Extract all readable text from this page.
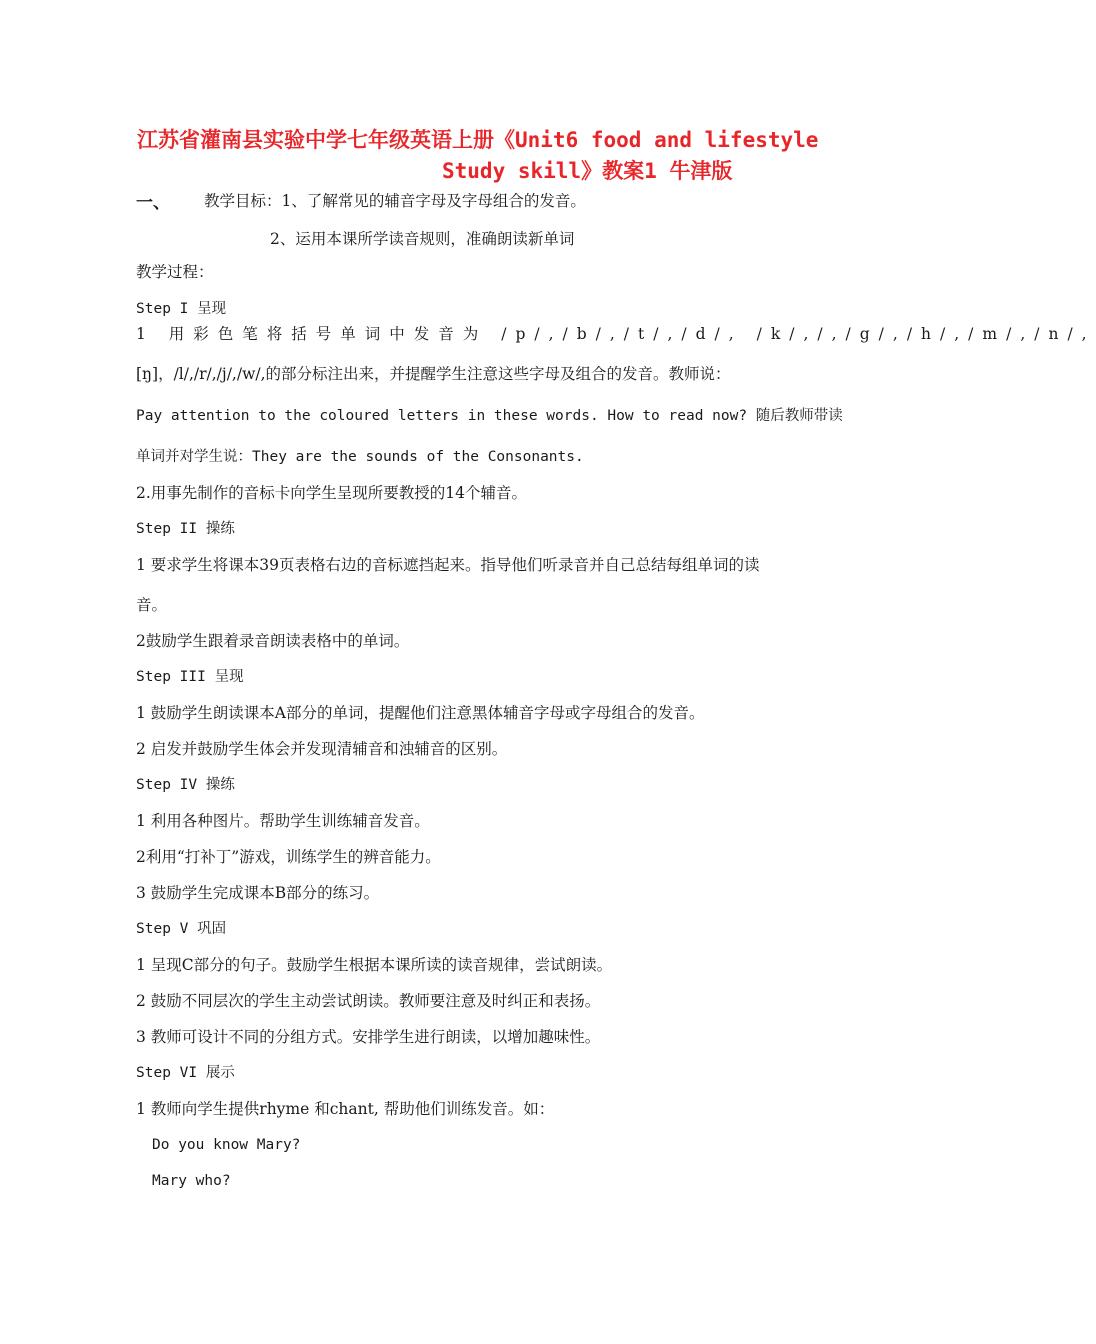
江苏省灌南县实验中学七年级英语上册《Unit6 food and lifestyle
Study skill》教案1 牛津版
一、 教学目标：1、了解常见的辅音字母及字母组合的发音。
2、运用本课所学读音规则，准确朗读新单词
教学过程：
Step I 呈现
1 用彩色笔将括号单词中发音为 /p/,/b/,/t/,/d/, /k/,/,/g/,/h/,/m/,/n/,
[ŋ]，/l/,/r/,/j/,/w/,的部分标注出来，并提醒学生注意这些字母及组合的发音。教师说：
Pay attention to the coloured letters in these words. How to read now? 随后教师带读
单词并对学生说：They are the sounds of the Consonants.
2.用事先制作的音标卡向学生呈现所要教授的14个辅音。
Step II 操练
1 要求学生将课本39页表格右边的音标遮挡起来。指导他们听录音并自己总结每组单词的读
音。
2鼓励学生跟着录音朗读表格中的单词。
Step III 呈现
1 鼓励学生朗读课本A部分的单词，提醒他们注意黑体辅音字母或字母组合的发音。
2 启发并鼓励学生体会并发现清辅音和浊辅音的区别。
Step IV 操练
1 利用各种图片。帮助学生训练辅音发音。
2利用“打补丁”游戏，训练学生的辨音能力。
3 鼓励学生完成课本B部分的练习。
Step V 巩固
1 呈现C部分的句子。鼓励学生根据本课所读的读音规律，尝试朗读。
2 鼓励不同层次的学生主动尝试朗读。教师要注意及时纠正和表扬。
3 教师可设计不同的分组方式。安排学生进行朗读，以增加趣味性。
Step VI 展示
1 教师向学生提供rhyme 和chant, 帮助他们训练发音。如：
Do you know Mary?
Mary who?
